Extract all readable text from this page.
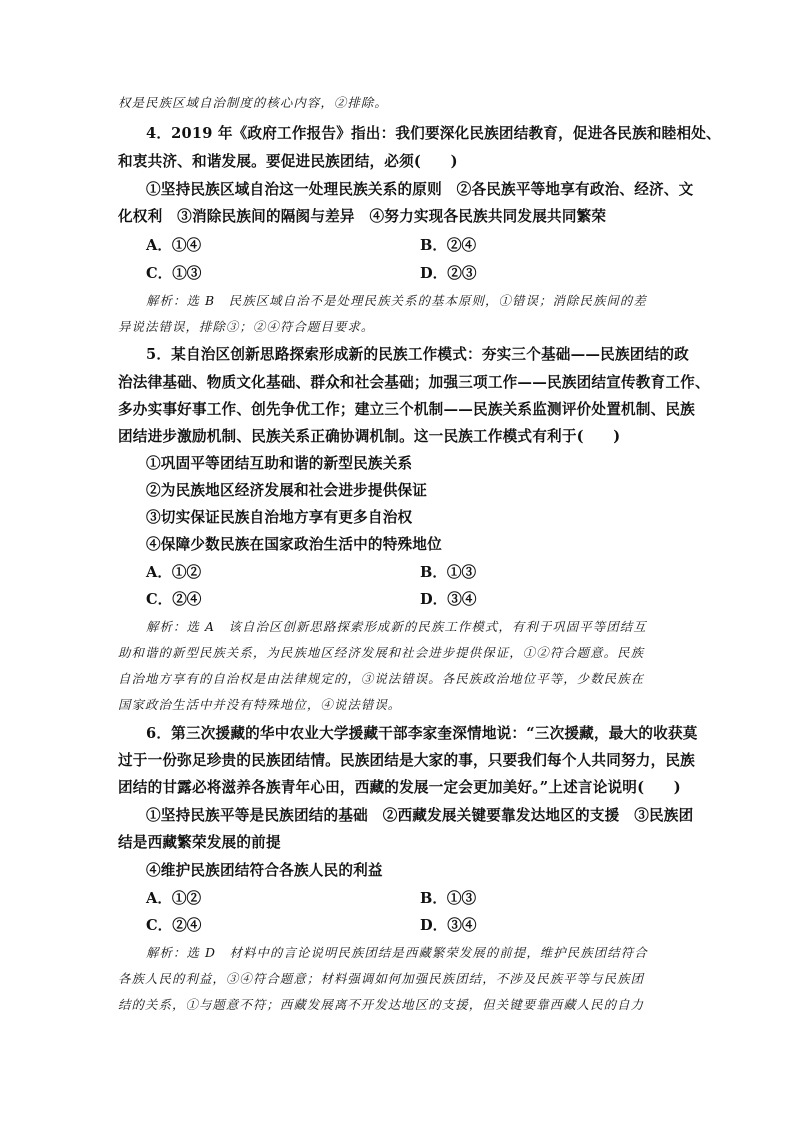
权是民族区域自治制度的核心内容，②排除。
4．2019 年《政府工作报告》指出：我们要深化民族团结教育，促进各民族和睦相处、
和衷共济、和谐发展。要促进民族团结，必须(　　)
①坚持民族区域自治这一处理民族关系的原则　②各民族平等地享有政治、经济、文
化权利　③消除民族间的隔阂与差异　④努力实现各民族共同发展共同繁荣
A．①④	B．②④
C．①③	D．②③
解析：选 B　民族区域自治不是处理民族关系的基本原则，①错误；消除民族间的差
异说法错误，排除③；②④符合题目要求。
5．某自治区创新思路探索形成新的民族工作模式：夯实三个基础——民族团结的政
治法律基础、物质文化基础、群众和社会基础；加强三项工作——民族团结宣传教育工作、
多办实事好事工作、创先争优工作；建立三个机制——民族关系监测评价处置机制、民族
团结进步激励机制、民族关系正确协调机制。这一民族工作模式有利于(　　)
①巩固平等团结互助和谐的新型民族关系
②为民族地区经济发展和社会进步提供保证
③切实保证民族自治地方享有更多自治权
④保障少数民族在国家政治生活中的特殊地位
A．①②	B．①③
C．②④	D．③④
解析：选 A　该自治区创新思路探索形成新的民族工作模式，有利于巩固平等团结互
助和谐的新型民族关系，为民族地区经济发展和社会进步提供保证，①②符合题意。民族
自治地方享有的自治权是由法律规定的，③说法错误。各民族政治地位平等，少数民族在
国家政治生活中并没有特殊地位，④说法错误。
6．第三次援藏的华中农业大学援藏干部李家奎深情地说：“三次援藏，最大的收获莫
过于一份弥足珍贵的民族团结情。民族团结是大家的事，只要我们每个人共同努力，民族
团结的甘露必将滋养各族青年心田，西藏的发展一定会更加美好。”上述言论说明(　　)
①坚持民族平等是民族团结的基础　②西藏发展关键要靠发达地区的支援　③民族团
结是西藏繁荣发展的前提
④维护民族团结符合各族人民的利益
A．①②	B．①③
C．②④	D．③④
解析：选 D　材料中的言论说明民族团结是西藏繁荣发展的前提，维护民族团结符合
各族人民的利益，③④符合题意；材料强调如何加强民族团结，不涉及民族平等与民族团
结的关系，①与题意不符；西藏发展离不开发达地区的支援，但关键要靠西藏人民的自力
